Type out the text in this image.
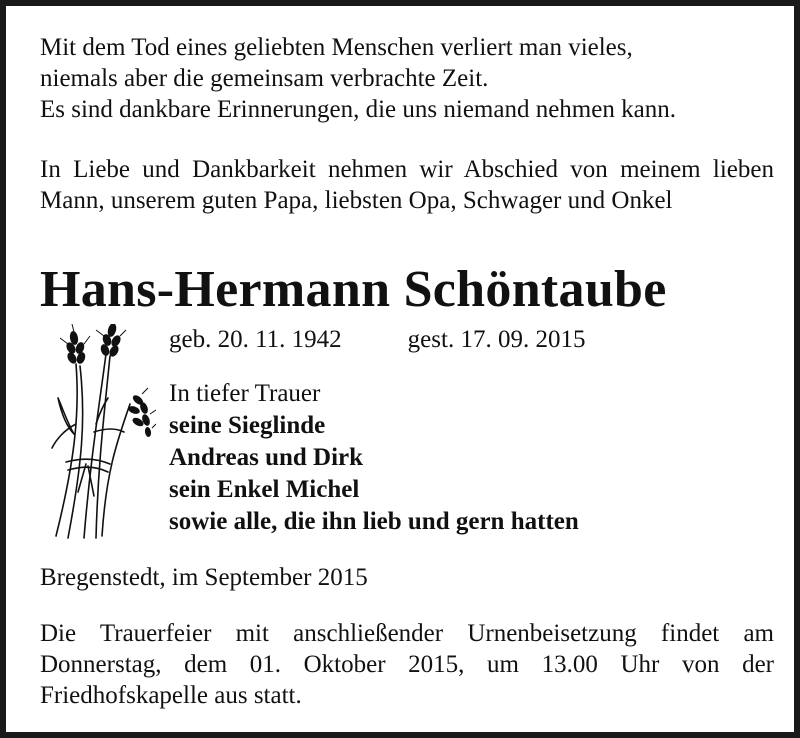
Mit dem Tod eines geliebten Menschen verliert man vieles,
niemals aber die gemeinsam verbrachte Zeit.
Es sind dankbare Erinnerungen, die uns niemand nehmen kann.

In Liebe und Dankbarkeit nehmen wir Abschied von meinem lieben Mann, unserem guten Papa, liebsten Opa, Schwager und Onkel

Hans-Hermann Schöntaube
geb. 20. 11. 1942	gest. 17. 09. 2015
In tiefer Trauer
seine Sieglinde
Andreas und Dirk
sein Enkel Michel
sowie alle, die ihn lieb und gern hatten
Bregenstedt, im September 2015

Die Trauerfeier mit anschließender Urnenbeisetzung findet am Donnerstag, dem 01. Oktober 2015, um 13.00 Uhr von der Friedhofskapelle aus statt.
